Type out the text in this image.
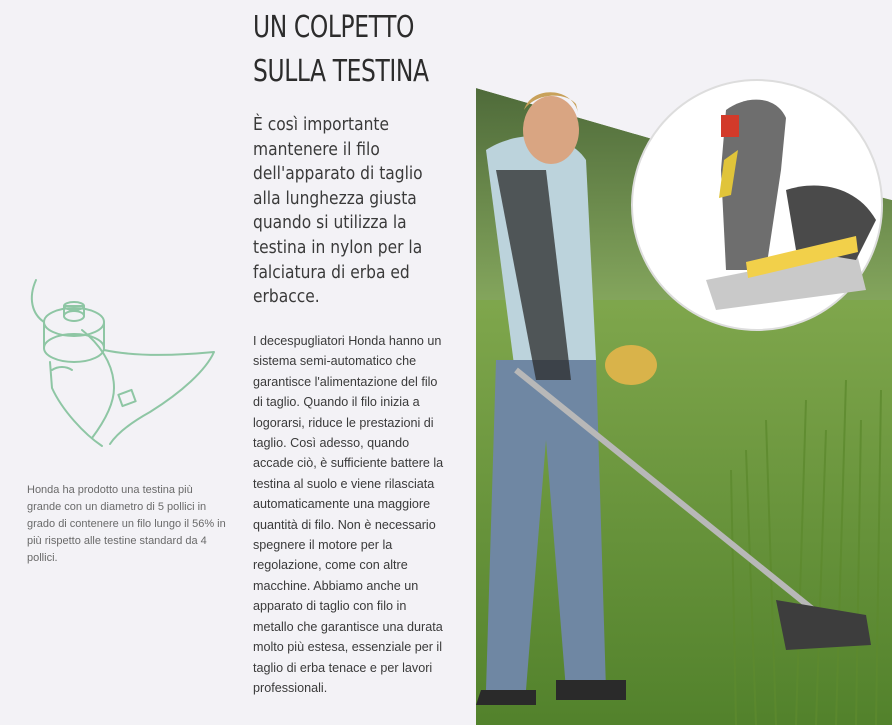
Honda ha prodotto una testina più grande con un diametro di 5 pollici in grado di contenere un filo lungo il 56% in più rispetto alle testine standard da 4 pollici.

UN COLPETTO
SULLA TESTINA

È così importante mantenere il filo dell'apparato di taglio alla lunghezza giusta quando si utilizza la testina in nylon per la falciatura di erba ed erbacce.

I decespugliatori Honda hanno un sistema semi-automatico che garantisce l'alimentazione del filo di taglio. Quando il filo inizia a logorarsi, riduce le prestazioni di taglio. Così adesso, quando accade ciò, è sufficiente battere la testina al suolo e viene rilasciata automaticamente una maggiore quantità di filo. Non è necessario spegnere il motore per la regolazione, come con altre macchine. Abbiamo anche un apparato di taglio con filo in metallo che garantisce una durata molto più estesa, essenziale per il taglio di erba tenace e per lavori professionali.
